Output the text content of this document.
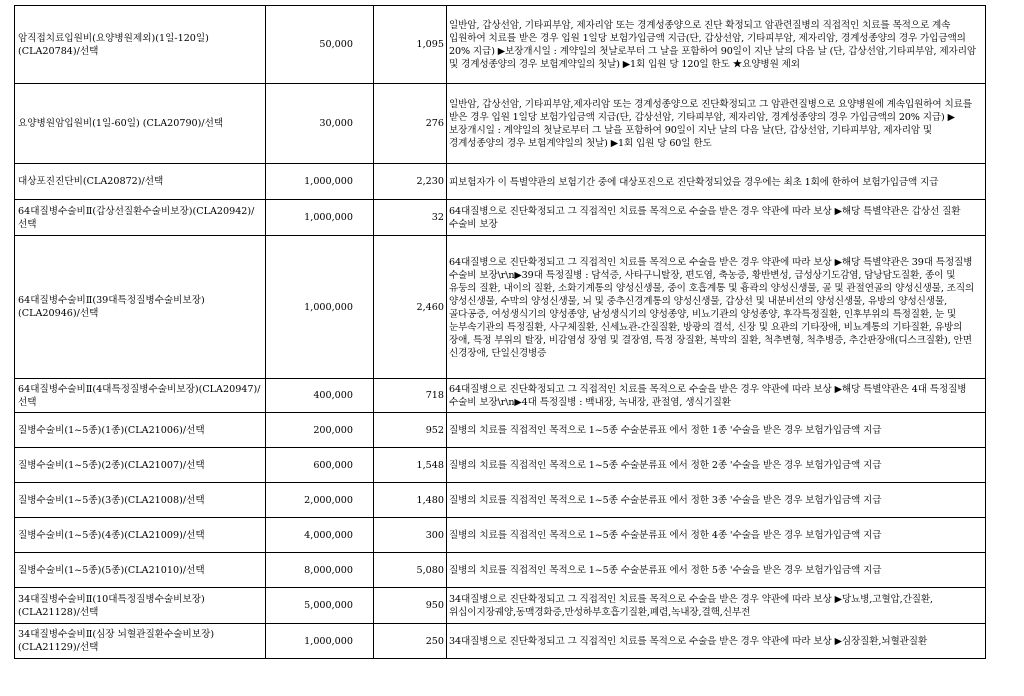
암직접치료입원비(요양병원제외)(1일-120일)(CLA20784)/선택	50,000	1,095	일반암, 갑상선암, 기타피부암, 제자리암 또는 경계성종양으로 진단 확정되고 암관련질병의 직접적인 치료를 목적으로 계속 입원하여 치료를 받은 경우 입원 1일당 보험가입금액 지급(단, 갑상선암, 기타피부암, 제자리암, 경계성종양의 경우 가입금액의 20% 지급) ▶보장개시일 : 계약일의 첫날로부터 그 날을 포함하여 90일이 지난 날의 다음 날 (단, 갑상선암,기타피부암, 제자리암 및 경계성종양의 경우 보험계약일의 첫날) ▶1회 입원 당 120일 한도 ★요양병원 제외
요양병원암입원비(1일-60일) (CLA20790)/선택	30,000	276	일반암, 갑상선암, 기타피부암,제자리암 또는 경계성종양으로 진단확정되고 그 암관련질병으로 요양병원에 계속입원하여 치료를 받은 경우 입원 1일당 보험가입금액 지급(단, 갑상선암, 기타피부암, 제자리암, 경계성종양의 경우 가입금액의 20% 지급) ▶보장개시일 : 계약일의 첫날로부터 그 날을 포함하여 90일이 지난 날의 다음 날(단, 갑상선암, 기타피부암, 제자리암 및 경계성종양의 경우 보험계약일의 첫날) ▶1회 입원 당 60일 한도
대상포진진단비(CLA20872)/선택	1,000,000	2,230	피보험자가 이 특별약관의 보험기간 중에 대상포진으로 진단확정되었을 경우에는 최초 1회에 한하여 보험가입금액 지급
64대질병수술비Ⅱ(갑상선질환수술비보장)(CLA20942)/선택	1,000,000	32	64대질병으로 진단확정되고 그 직접적인 치료를 목적으로 수술을 받은 경우 약관에 따라 보상 ▶해당 특별약관은 갑상선 질환 수술비 보장
64대질병수술비Ⅱ(39대특정질병수술비보장)(CLA20946)/선택	1,000,000	2,460	64대질병으로 진단확정되고 그 직접적인 치료를 목적으로 수술을 받은 경우 약관에 따라 보상 ▶해당 특별약관은 39대 특정질병 수술비 보장\r\n▶39대 특정질병 : 담석증, 사타구니탈장, 편도염, 축농증, 황반변성, 급성상기도감염, 담낭담도질환, 종이 및 유둥의 질환, 내이의 질환, 소화기계통의 양성신생물, 중이 호흡계통 및 흉곽의 양성신생물, 골 및 관절연골의 양성신생물, 조직의 양성신생물, 수막의 양성신생물, 뇌 및 중추신경계통의 양성신생물, 갑상선 및 내분비선의 양성신생물, 유방의 양성신생물, 골다공증, 여성생식기의 양성종양, 남성생식기의 양성종양, 비뇨기관의 양성종양, 후각특정질환, 인후부위의 특정질환, 눈 및 눈부속기관의 특정질환, 사구체질환, 신세뇨관-간질질환, 방광의 결석, 신장 및 요관의 기타장애, 비뇨계통의 기타질환, 유방의 장애, 특정 부위의 탈장, 비감염성 장염 및 결장염, 특정 장질환, 복막의 질환, 척추변형, 척추병증, 추간판장애(디스크질환), 안면 신경장애, 단일신경병증
64대질병수술비Ⅱ(4대특정질병수술비보장)(CLA20947)/선택	400,000	718	64대질병으로 진단확정되고 그 직접적인 치료를 목적으로 수술을 받은 경우 약관에 따라 보상 ▶해당 특별약관은 4대 특정질병 수술비 보장\r\n▶4대 특정질병 : 백내장, 녹내장, 관절염, 생식기질환
질병수술비(1~5종)(1종)(CLA21006)/선택	200,000	952	질병의 치료를 직접적인 목적으로 1~5종 수술분류표 에서 정한 1종 '수술을 받은 경우 보험가입금액 지급
질병수술비(1~5종)(2종)(CLA21007)/선택	600,000	1,548	질병의 치료를 직접적인 목적으로 1~5종 수술분류표 에서 정한 2종 '수술을 받은 경우 보험가입금액 지급
질병수술비(1~5종)(3종)(CLA21008)/선택	2,000,000	1,480	질병의 치료를 직접적인 목적으로 1~5종 수술분류표 에서 정한 3종 '수술을 받은 경우 보험가입금액 지급
질병수술비(1~5종)(4종)(CLA21009)/선택	4,000,000	300	질병의 치료를 직접적인 목적으로 1~5종 수술분류표 에서 정한 4종 '수술을 받은 경우 보험가입금액 지급
질병수술비(1~5종)(5종)(CLA21010)/선택	8,000,000	5,080	질병의 치료를 직접적인 목적으로 1~5종 수술분류표 에서 정한 5종 '수술을 받은 경우 보험가입금액 지급
34대질병수술비Ⅱ(10대특정질병수술비보장)(CLA21128)/선택	5,000,000	950	34대질병으로 진단확정되고 그 직접적인 치료를 목적으로 수술을 받은 경우 약관에 따라 보상 ▶당뇨병,고혈압,간질환,위십이지장궤양,동맥경화증,만성하부호흡기질환,폐렴,녹내장,결핵,신부전
34대질병수술비Ⅱ(심장 뇌혈관질환수술비보장)(CLA21129)/선택	1,000,000	250	34대질병으로 진단확정되고 그 직접적인 치료를 목적으로 수술을 받은 경우 약관에 따라 보상 ▶심장질환,뇌혈관질환
